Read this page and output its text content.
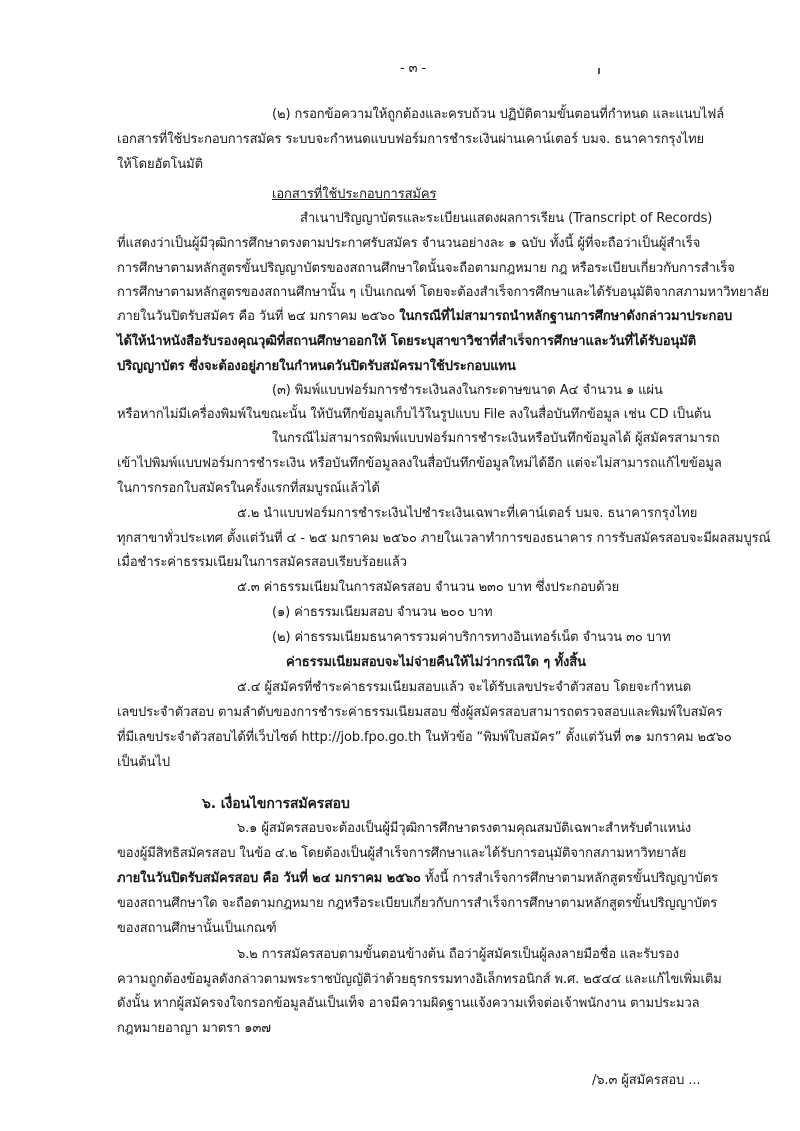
- ๓ -
(๒) กรอกข้อความให้ถูกต้องและครบถ้วน ปฏิบัติตามขั้นตอนที่กำหนด และแนบไฟล์
เอกสารที่ใช้ประกอบการสมัคร ระบบจะกำหนดแบบฟอร์มการชำระเงินผ่านเคาน์เตอร์ บมจ. ธนาคารกรุงไทย
ให้โดยอัตโนมัติ
เอกสารที่ใช้ประกอบการสมัคร
สำเนาปริญญาบัตรและระเบียนแสดงผลการเรียน (Transcript of Records)
ที่แสดงว่าเป็นผู้มีวุฒิการศึกษาตรงตามประกาศรับสมัคร จำนวนอย่างละ ๑ ฉบับ ทั้งนี้ ผู้ที่จะถือว่าเป็นผู้สำเร็จ
การศึกษาตามหลักสูตรขั้นปริญญาบัตรของสถานศึกษาใดนั้นจะถือตามกฎหมาย กฎ หรือระเบียบเกี่ยวกับการสำเร็จ
การศึกษาตามหลักสูตรของสถานศึกษานั้น ๆ เป็นเกณฑ์ โดยจะต้องสำเร็จการศึกษาและได้รับอนุมัติจากสภามหาวิทยาลัย
ภายในวันปิดรับสมัคร คือ วันที่ ๒๔ มกราคม ๒๕๖๐ ในกรณีที่ไม่สามารถนำหลักฐานการศึกษาดังกล่าวมาประกอบ
ได้ให้นำหนังสือรับรองคุณวุฒิที่สถานศึกษาออกให้ โดยระบุสาขาวิชาที่สำเร็จการศึกษาและวันที่ได้รับอนุมัติ
ปริญญาบัตร ซึ่งจะต้องอยู่ภายในกำหนดวันปิดรับสมัครมาใช้ประกอบแทน
(๓) พิมพ์แบบฟอร์มการชำระเงินลงในกระดาษขนาด A๔ จำนวน ๑ แผ่น
หรือหากไม่มีเครื่องพิมพ์ในขณะนั้น ให้บันทึกข้อมูลเก็บไว้ในรูปแบบ File ลงในสื่อบันทึกข้อมูล เช่น CD เป็นต้น
ในกรณีไม่สามารถพิมพ์แบบฟอร์มการชำระเงินหรือบันทึกข้อมูลได้ ผู้สมัครสามารถ
เข้าไปพิมพ์แบบฟอร์มการชำระเงิน หรือบันทึกข้อมูลลงในสื่อบันทึกข้อมูลใหม่ได้อีก แต่จะไม่สามารถแก้ไขข้อมูล
ในการกรอกใบสมัครในครั้งแรกที่สมบูรณ์แล้วได้
๕.๒ นำแบบฟอร์มการชำระเงินไปชำระเงินเฉพาะที่เคาน์เตอร์ บมจ. ธนาคารกรุงไทย
ทุกสาขาทั่วประเทศ ตั้งแต่วันที่ ๔ - ๒๕ มกราคม ๒๕๖๐ ภายในเวลาทำการของธนาคาร การรับสมัครสอบจะมีผลสมบูรณ์
เมื่อชำระค่าธรรมเนียมในการสมัครสอบเรียบร้อยแล้ว
๕.๓ ค่าธรรมเนียมในการสมัครสอบ จำนวน ๒๓๐ บาท ซึ่งประกอบด้วย
(๑) ค่าธรรมเนียมสอบ จำนวน ๒๐๐ บาท
(๒) ค่าธรรมเนียมธนาคารรวมค่าบริการทางอินเทอร์เน็ต จำนวน ๓๐ บาท
ค่าธรรมเนียมสอบจะไม่จ่ายคืนให้ไม่ว่ากรณีใด ๆ ทั้งสิ้น
๕.๔ ผู้สมัครที่ชำระค่าธรรมเนียมสอบแล้ว จะได้รับเลขประจำตัวสอบ โดยจะกำหนด
เลขประจำตัวสอบ ตามลำดับของการชำระค่าธรรมเนียมสอบ ซึ่งผู้สมัครสอบสามารถตรวจสอบและพิมพ์ใบสมัคร
ที่มีเลขประจำตัวสอบได้ที่เว็บไซต์ http://job.fpo.go.th ในหัวข้อ “พิมพ์ใบสมัคร” ตั้งแต่วันที่ ๓๑ มกราคม ๒๕๖๐
เป็นต้นไป
๖. เงื่อนไขการสมัครสอบ
๖.๑ ผู้สมัครสอบจะต้องเป็นผู้มีวุฒิการศึกษาตรงตามคุณสมบัติเฉพาะสำหรับตำแหน่ง
ของผู้มีสิทธิสมัครสอบ ในข้อ ๔.๒ โดยต้องเป็นผู้สำเร็จการศึกษาและได้รับการอนุมัติจากสภามหาวิทยาลัย
ภายในวันปิดรับสมัครสอบ คือ วันที่ ๒๔ มกราคม ๒๕๖๐ ทั้งนี้ การสำเร็จการศึกษาตามหลักสูตรขั้นปริญญาบัตร
ของสถานศึกษาใด จะถือตามกฎหมาย กฎหรือระเบียบเกี่ยวกับการสำเร็จการศึกษาตามหลักสูตรขั้นปริญญาบัตร
ของสถานศึกษานั้นเป็นเกณฑ์
๖.๒ การสมัครสอบตามขั้นตอนข้างต้น ถือว่าผู้สมัครเป็นผู้ลงลายมือชื่อ และรับรอง
ความถูกต้องข้อมูลดังกล่าวตามพระราชบัญญัติว่าด้วยธุรกรรมทางอิเล็กทรอนิกส์ พ.ศ. ๒๕๔๔ และแก้ไขเพิ่มเติม
ดังนั้น หากผู้สมัครจงใจกรอกข้อมูลอันเป็นเท็จ อาจมีความผิดฐานแจ้งความเท็จต่อเจ้าพนักงาน ตามประมวล
กฎหมายอาญา มาตรา ๑๓๗
/๖.๓ ผู้สมัครสอบ ...
